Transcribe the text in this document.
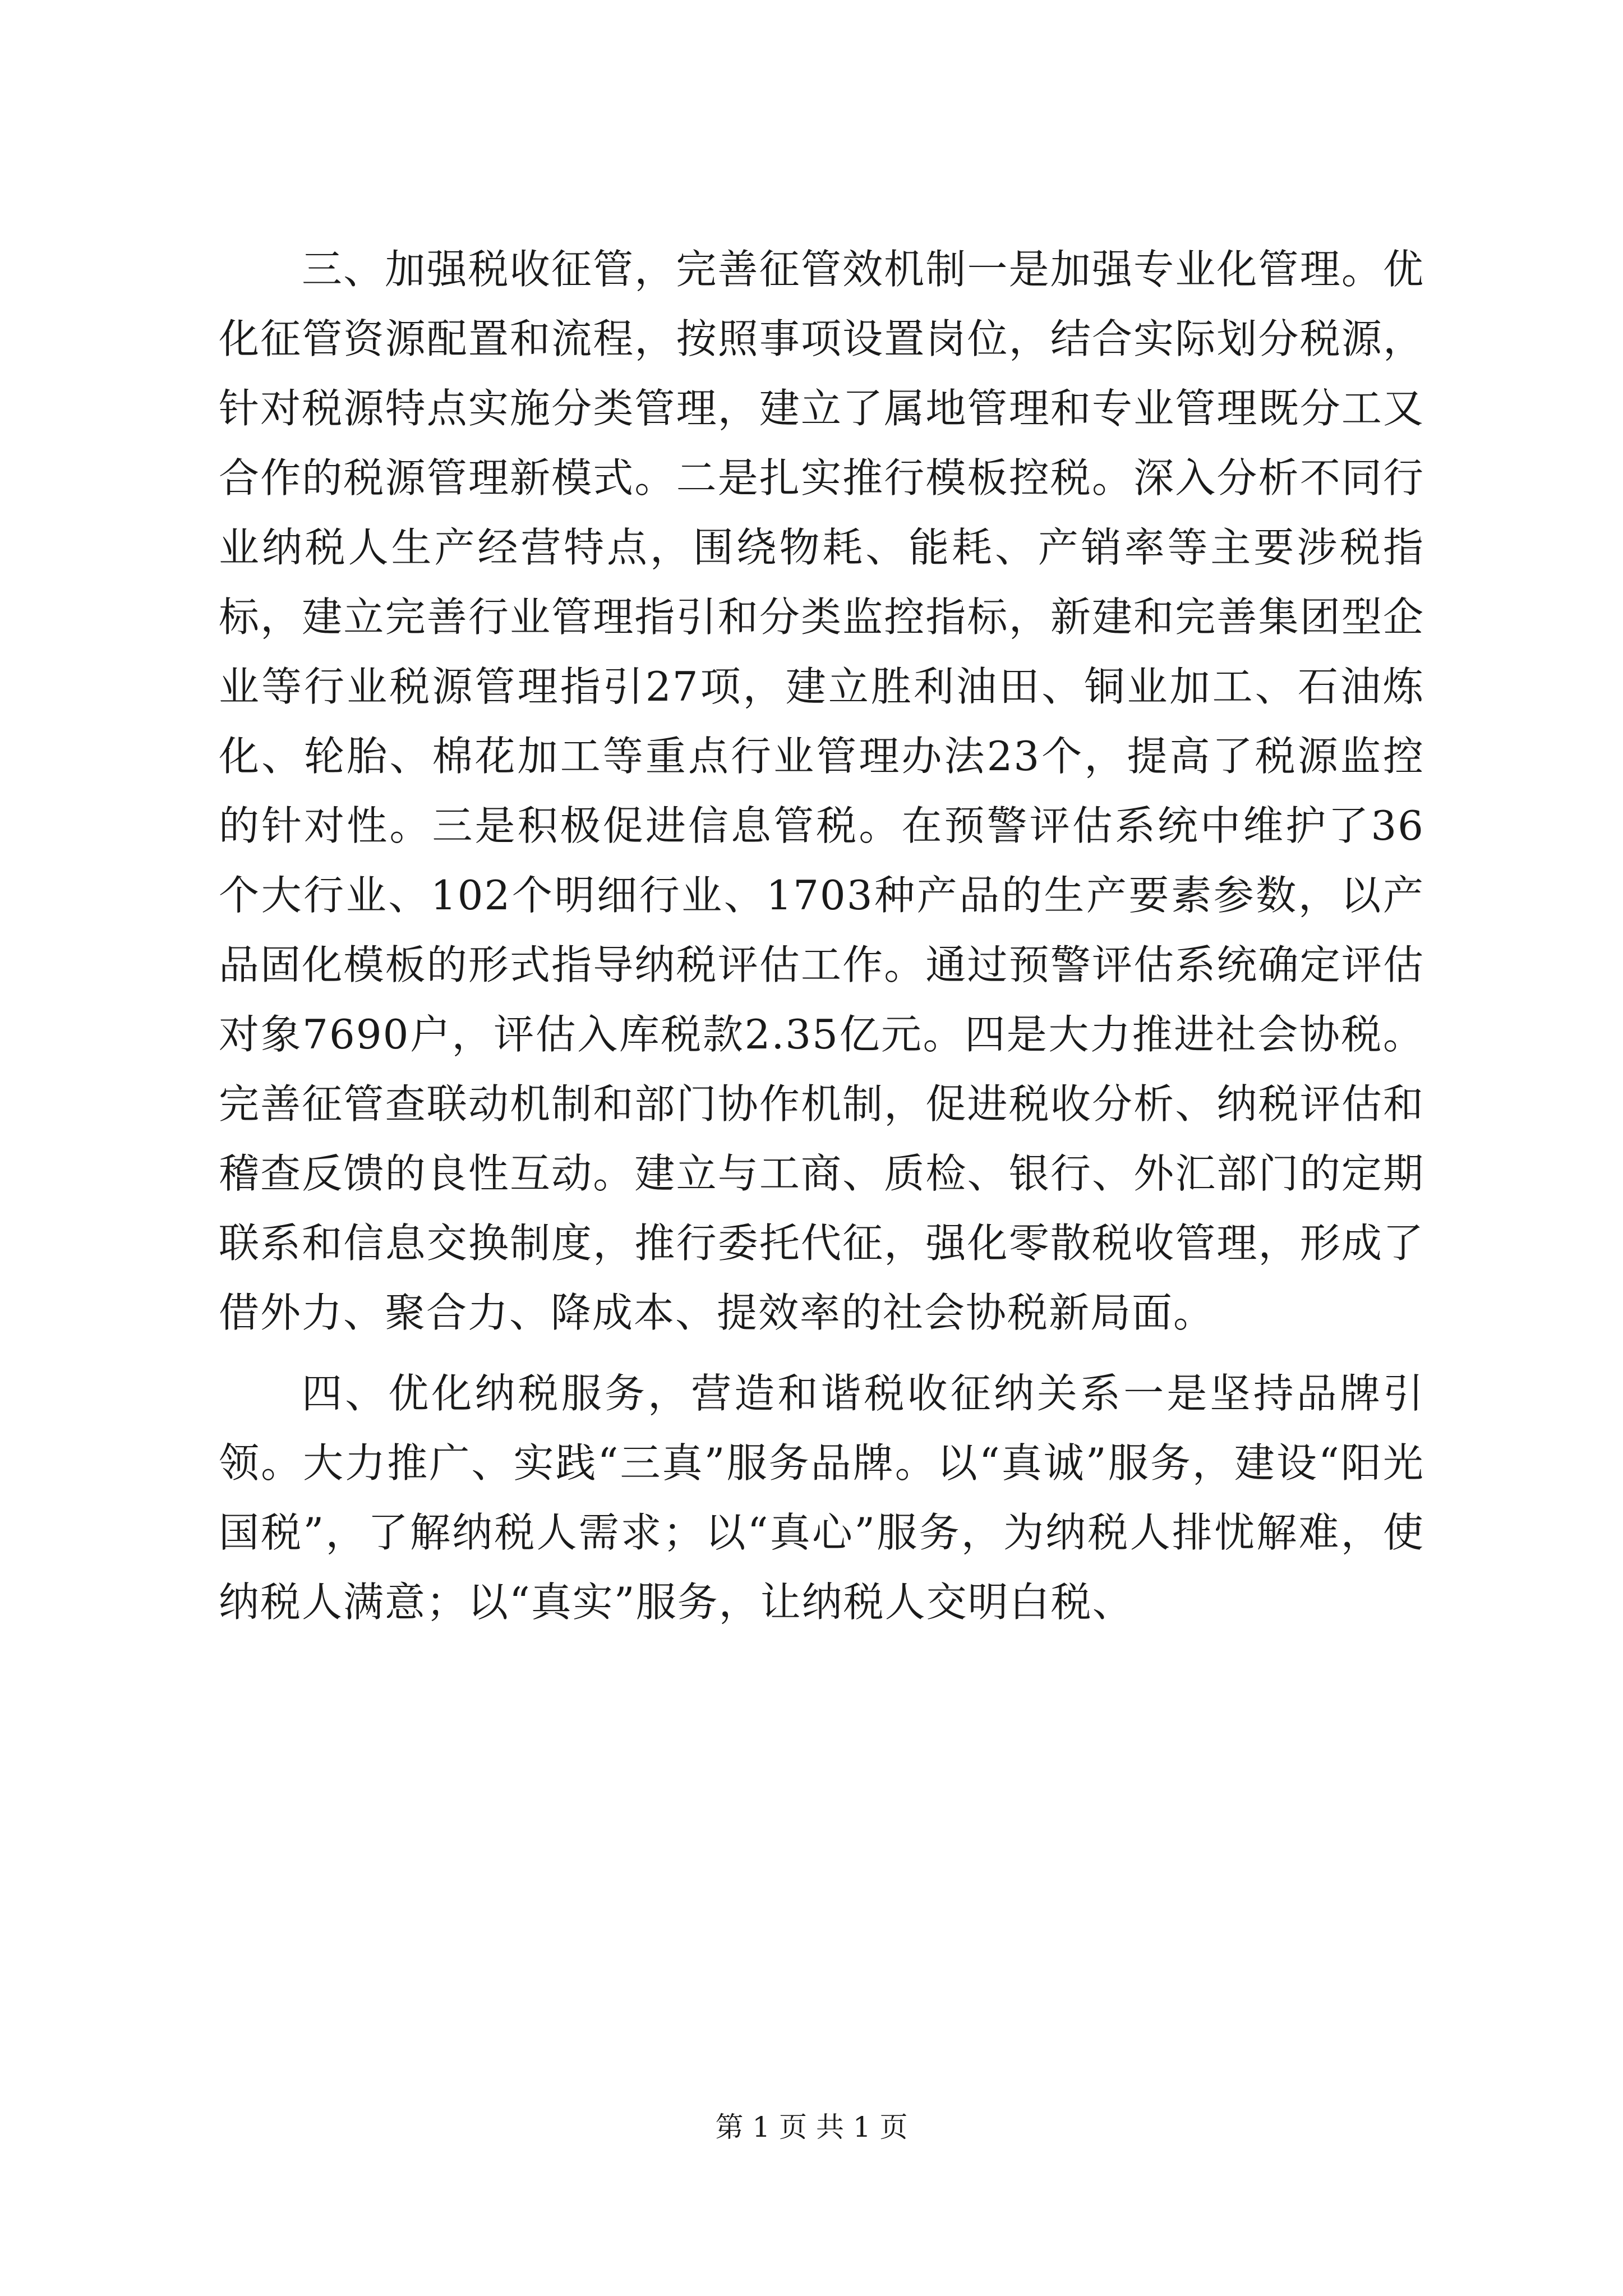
三、加强税收征管，完善征管效机制一是加强专业化管理。优化征管资源配置和流程，按照事项设置岗位，结合实际划分税源，针对税源特点实施分类管理，建立了属地管理和专业管理既分工又合作的税源管理新模式。二是扎实推行模板控税。深入分析不同行业纳税人生产经营特点，围绕物耗、能耗、产销率等主要涉税指标，建立完善行业管理指引和分类监控指标，新建和完善集团型企业等行业税源管理指引27项，建立胜利油田、铜业加工、石油炼化、轮胎、棉花加工等重点行业管理办法23个，提高了税源监控的针对性。三是积极促进信息管税。在预警评估系统中维护了36个大行业、102个明细行业、1703种产品的生产要素参数，以产品固化模板的形式指导纳税评估工作。通过预警评估系统确定评估对象7690户，评估入库税款2.35亿元。四是大力推进社会协税。完善征管查联动机制和部门协作机制，促进税收分析、纳税评估和稽查反馈的良性互动。建立与工商、质检、银行、外汇部门的定期联系和信息交换制度，推行委托代征，强化零散税收管理，形成了借外力、聚合力、降成本、提效率的社会协税新局面。

四、优化纳税服务，营造和谐税收征纳关系一是坚持品牌引领。大力推广、实践“三真”服务品牌。以“真诚”服务，建设“阳光国税”，了解纳税人需求；以“真心”服务，为纳税人排忧解难，使纳税人满意；以“真实”服务，让纳税人交明白税、

第 1 页 共 1 页
